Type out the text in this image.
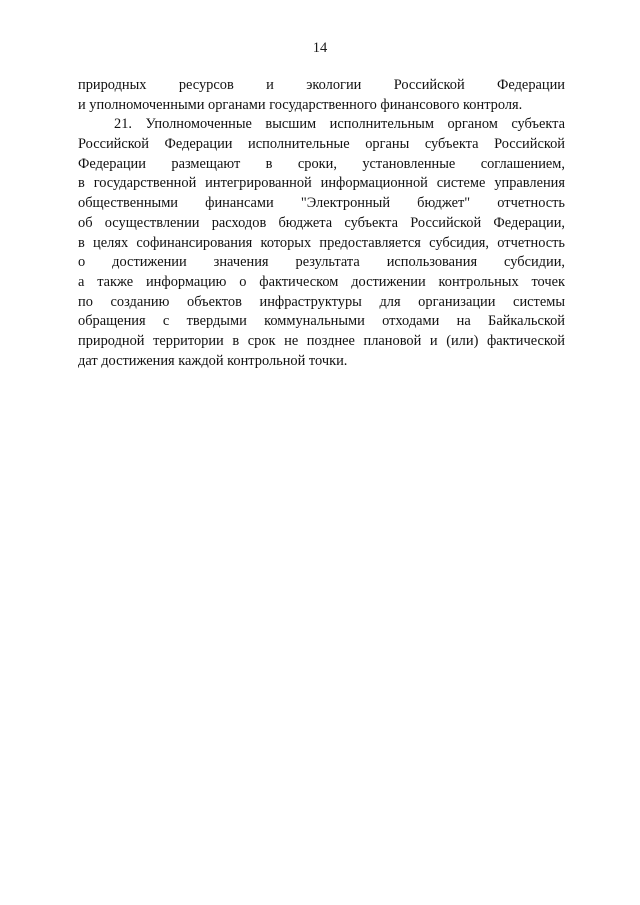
14
природных ресурсов и экологии Российской Федерации
и уполномоченными органами государственного финансового контроля.
21. Уполномоченные высшим исполнительным органом субъекта
Российской Федерации исполнительные органы субъекта Российской
Федерации размещают в сроки, установленные соглашением,
в государственной интегрированной информационной системе управления
общественными финансами "Электронный бюджет" отчетность
об осуществлении расходов бюджета субъекта Российской Федерации,
в целях софинансирования которых предоставляется субсидия, отчетность
о достижении значения результата использования субсидии,
а также информацию о фактическом достижении контрольных точек
по созданию объектов инфраструктуры для организации системы
обращения с твердыми коммунальными отходами на Байкальской
природной территории в срок не позднее плановой и (или) фактической
дат достижения каждой контрольной точки.
